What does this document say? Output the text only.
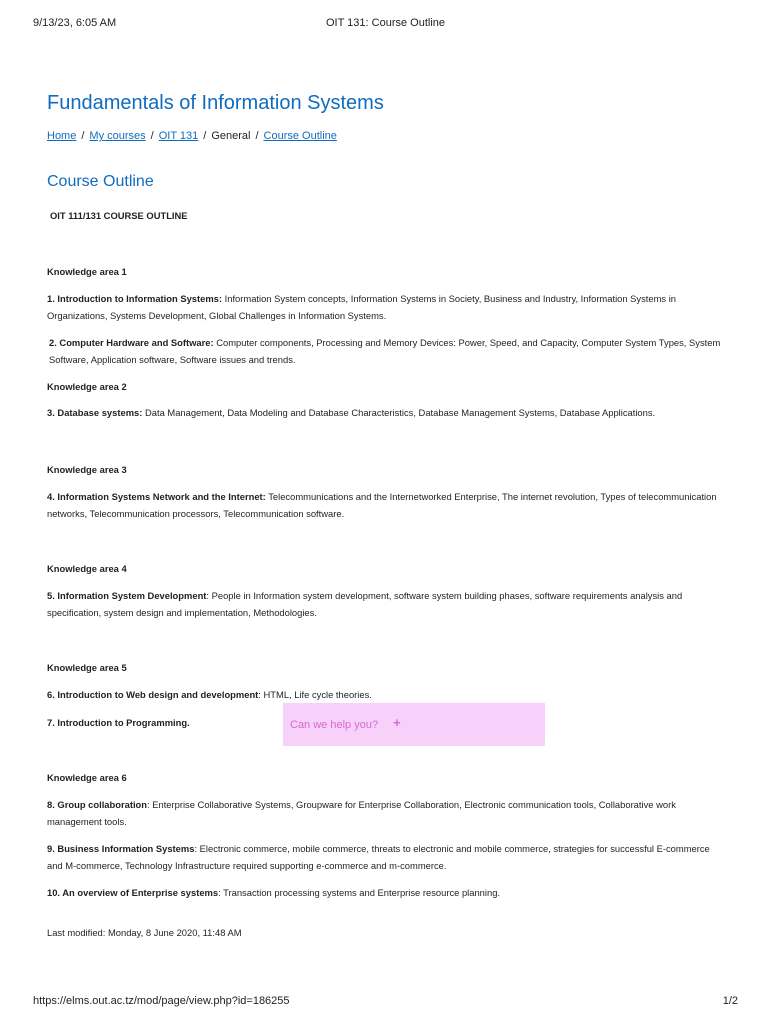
9/13/23, 6:05 AM	OIT 131: Course Outline
Fundamentals of Information Systems
Home / My courses / OIT 131 / General / Course Outline
Course Outline

OIT 111/131 COURSE OUTLINE

Knowledge area 1

1. Introduction to Information Systems: Information System concepts, Information Systems in Society, Business and Industry, Information Systems in Organizations, Systems Development, Global Challenges in Information Systems.

2. Computer Hardware and Software: Computer components, Processing and Memory Devices: Power, Speed, and Capacity, Computer System Types, System Software, Application software, Software issues and trends.

Knowledge area 2

3. Database systems: Data Management, Data Modeling and Database Characteristics, Database Management Systems, Database Applications.

Knowledge area 3

4. Information Systems Network and the Internet: Telecommunications and the Internetworked Enterprise, The internet revolution, Types of telecommunication networks, Telecommunication processors, Telecommunication software.

Knowledge area 4

5. Information System Development: People in Information system development, software system building phases, software requirements analysis and specification, system design and implementation, Methodologies.

Knowledge area 5

6. Introduction to Web design and development: HTML, Life cycle theories.

7. Introduction to Programming.	Can we help you? +

Knowledge area 6

8. Group collaboration: Enterprise Collaborative Systems, Groupware for Enterprise Collaboration, Electronic communication tools, Collaborative work management tools.

9. Business Information Systems: Electronic commerce, mobile commerce, threats to electronic and mobile commerce, strategies for successful E-commerce and M-commerce, Technology Infrastructure required supporting e-commerce and m-commerce.

10. An overview of Enterprise systems: Transaction processing systems and Enterprise resource planning.

Last modified: Monday, 8 June 2020, 11:48 AM

https://elms.out.ac.tz/mod/page/view.php?id=186255	1/2
